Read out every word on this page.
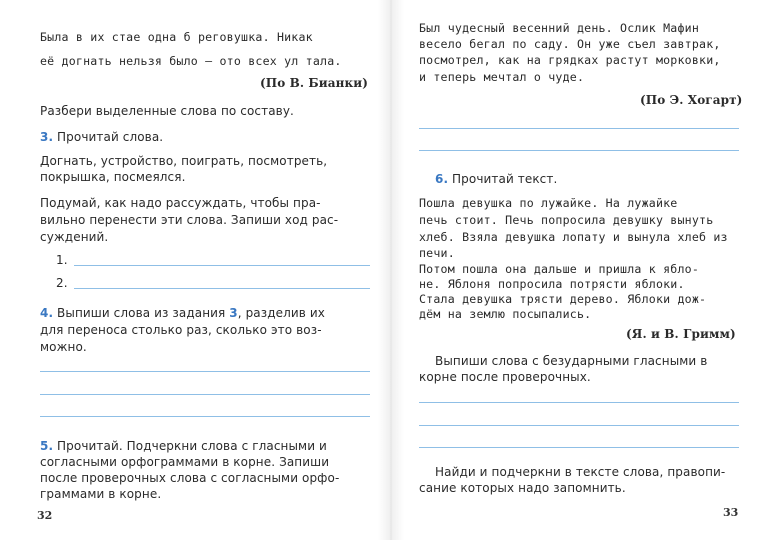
Была в их стае одна б реговушка. Никак
её догнать нельзя было — ото всех ул тала.
(По В. Бианки)
Разбери выделенные слова по составу.
3. Прочитай слова.
Догнать, устройство, поиграть, посмотреть,
покрышка, посмеялся.
Подумай, как надо рассуждать, чтобы пра-
вильно перенести эти слова. Запиши ход рас-
суждений.
1.
2.
4. Выпиши слова из задания 3, разделив их
для переноса столько раз, сколько это воз-
можно.
5. Прочитай. Подчеркни слова с гласными и
согласными орфограммами в корне. Запиши
после проверочных слова с согласными орфо-
граммами в корне.
32
Был чудесный весенний день. Ослик Мафин
весело бегал по саду. Он уже съел завтрак,
посмотрел, как на грядках растут морковки,
и теперь мечтал о чуде.
(По Э. Хогарт)
6. Прочитай текст.
Пошла девушка по лужайке. На лужайке
печь стоит. Печь попросила девушку вынуть
хлеб. Взяла девушка лопату и вынула хлеб из
печи.
Потом пошла она дальше и пришла к ябло-
не. Яблоня попросила потрясти яблоки.
Стала девушка трясти дерево. Яблоки дож-
дём на землю посыпались.
(Я. и В. Гримм)
Выпиши слова с безударными гласными в
корне после проверочных.
Найди и подчеркни в тексте слова, правопи-
сание которых надо запомнить.
33
